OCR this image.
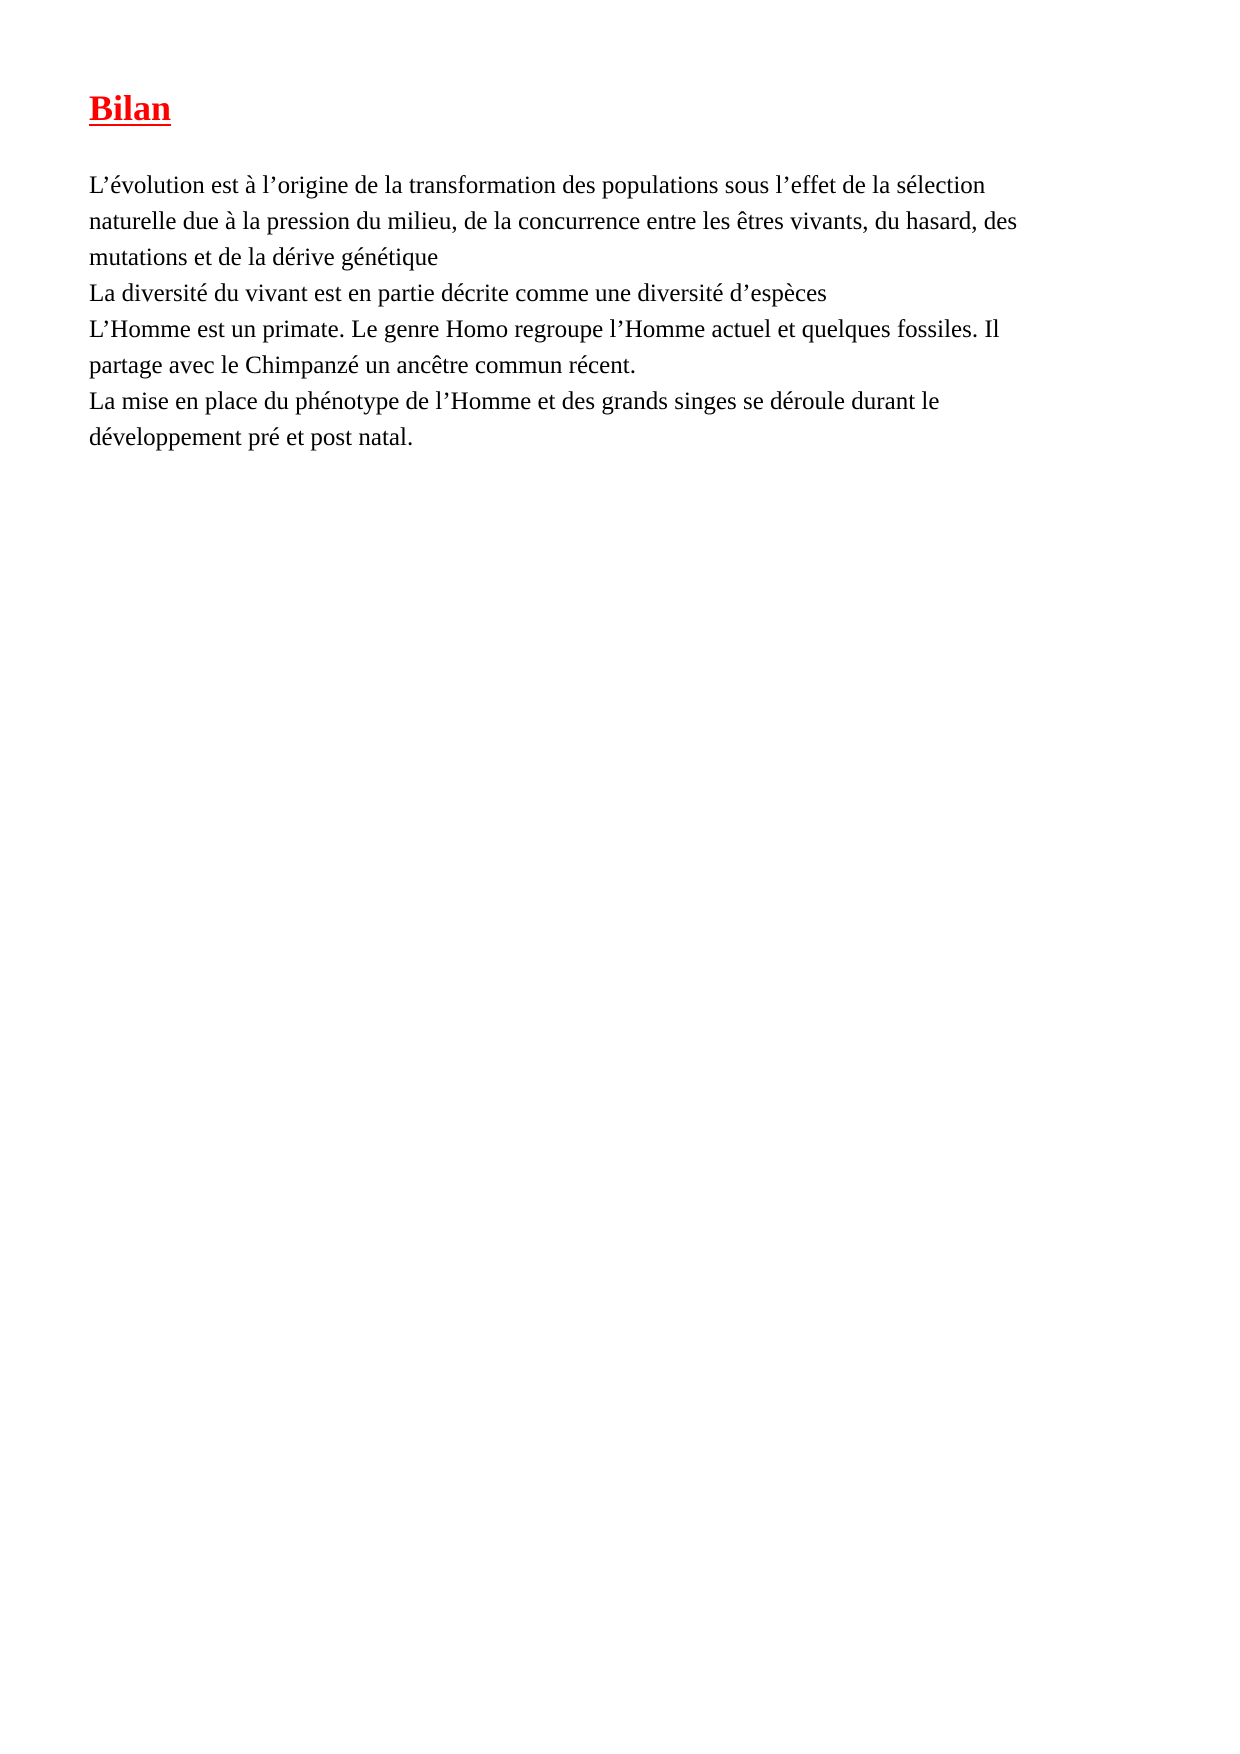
Bilan
L’évolution est à l’origine de la transformation des populations sous l’effet de la sélection
naturelle due à la pression du milieu, de la concurrence entre les êtres vivants, du hasard, des
mutations et de la dérive génétique
La diversité du vivant est en partie décrite comme une diversité d’espèces
L’Homme est un primate. Le genre Homo regroupe l’Homme actuel et quelques fossiles. Il
partage avec le Chimpanzé un ancêtre commun récent.
La mise en place du phénotype de l’Homme et des grands singes se déroule durant le
développement pré et post natal.
